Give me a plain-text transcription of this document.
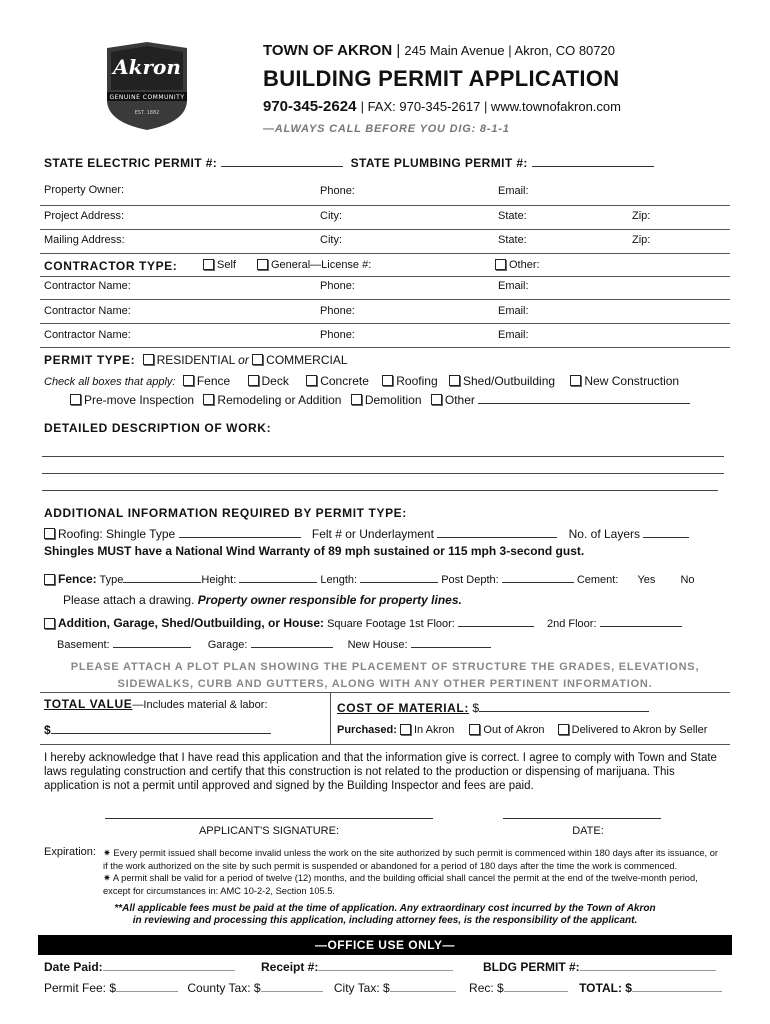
Akron
GENUINE COMMUNITY
EST. 1882
TOWN OF AKRON | 245 Main Avenue | Akron, CO 80720
BUILDING PERMIT APPLICATION
970-345-2624 | FAX: 970-345-2617 | www.townofakron.com
—ALWAYS CALL BEFORE YOU DIG: 8-1-1
STATE ELECTRIC PERMIT #:	STATE PLUMBING PERMIT #:
Property Owner:	Phone:	Email:
Project Address:	City:	State:	Zip:
Mailing Address:	City:	State:	Zip:
CONTRACTOR TYPE:	Self	General—License #:	Other:
Contractor Name:	Phone:	Email:
Contractor Name:	Phone:	Email:
Contractor Name:	Phone:	Email:
PERMIT TYPE: RESIDENTIAL or COMMERCIAL
Check all boxes that apply: Fence	Deck	Concrete Roofing Shed/Outbuilding New Construction
Pre-move Inspection Remodeling or Addition Demolition Other
DETAILED DESCRIPTION OF WORK:
ADDITIONAL INFORMATION REQUIRED BY PERMIT TYPE:
Roofing: Shingle Type	Felt # or Underlayment	No. of Layers
Shingles MUST have a National Wind Warranty of 89 mph sustained or 115 mph 3-second gust.
Fence: Type	Height:	Length:	Post Depth:	Cement: Yes No
Please attach a drawing. Property owner responsible for property lines.
Addition, Garage, Shed/Outbuilding, or House: Square Footage 1st Floor:	2nd Floor:
Basement:	Garage:	New House:
PLEASE ATTACH A PLOT PLAN SHOWING THE PLACEMENT OF STRUCTURE THE GRADES, ELEVATIONS,
SIDEWALKS, CURB AND GUTTERS, ALONG WITH ANY OTHER PERTINENT INFORMATION.
TOTAL VALUE—Includes material & labor:
$
COST OF MATERIAL: $
Purchased: In Akron	Out of Akron Delivered to Akron by Seller
I hereby acknowledge that I have read this application and that the information give is correct. I agree to comply with Town and State laws regulating construction and certify that this construction is not related to the production or dispensing of marijuana. This application is not a permit until approved and signed by the Building Inspector and fees are paid.
APPLICANT'S SIGNATURE:	DATE:
Expiration: ✷ Every permit issued shall become invalid unless the work on the site authorized by such permit is commenced within 180 days after its issuance, or if the work authorized on the site by such permit is suspended or abandoned for a period of 180 days after the time the work is commenced.
✷ A permit shall be valid for a period of twelve (12) months, and the building official shall cancel the permit at the end of the twelve-month period, except for circumstances in: AMC 10-2-2, Section 105.5.
**All applicable fees must be paid at the time of application. Any extraordinary cost incurred by the Town of Akron
in reviewing and processing this application, including attorney fees, is the responsibility of the applicant.
—OFFICE USE ONLY—
Date Paid:	Receipt #:	BLDG PERMIT #:
Permit Fee: $	County Tax: $	City Tax: $	Rec: $	TOTAL: $
